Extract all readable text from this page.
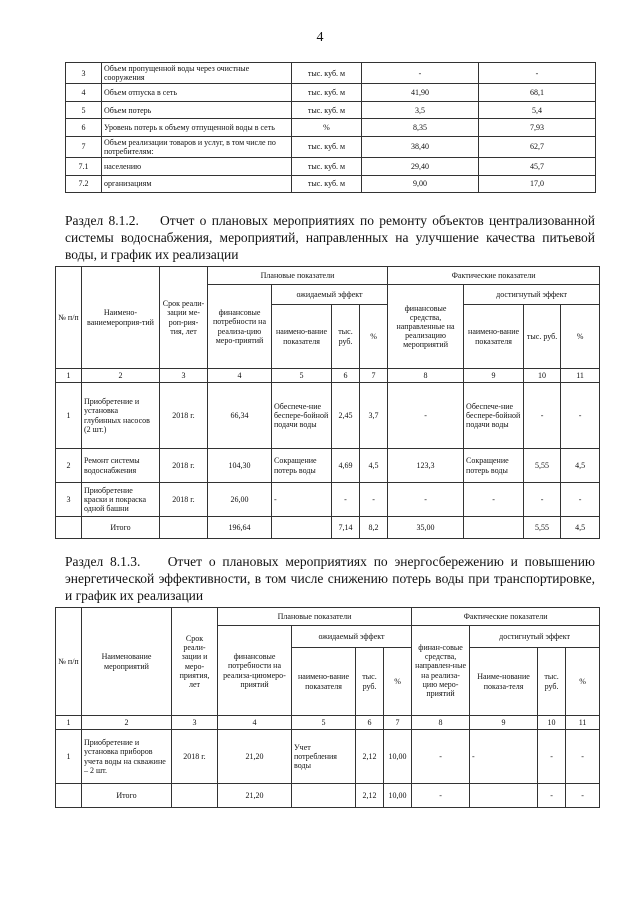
4
3	Объем пропущенной воды через очистные сооружения	тыс. куб. м	-	-
4	Объем отпуска в сеть	тыс. куб. м	41,90	68,1
5	Объем потерь	тыс. куб. м	3,5	5,4
6	Уровень потерь к объему отпущенной воды в сеть	%	8,35	7,93
7	Объем реализации товаров и услуг, в том числе по потребителям:	тыс. куб. м	38,40	62,7
7.1	населению	тыс. куб. м	29,40	45,7
7.2	организациям	тыс. куб. м	9,00	17,0
Раздел 8.1.2. Отчет о плановых мероприятиях по ремонту объектов централизованной системы водоснабжения, мероприятий, направленных на улучшение качества питьевой воды, и график их реализации
№ п/п	Наимено-ваниемероприя-тий	Срок реали-зации ме-роп-рия-тия, лет	Плановые показатели				Фактические показатели			
			финансовые потребности на реализа-цию меро-приятий	ожидаемый эффект			финансовые средства, направленные на реализацию мероприятий	достигнутый эффект		
				наимено-вание показателя	тыс. руб.	%		наимено-вание показателя	тыс. руб.	%
1	2	3	4	5	6	7	8	9	10	11
1	Приобретение и установка глубинных насосов (2 шт.)	2018 г.	66,34	Обеспече-ние беспере-бойной подачи воды	2,45	3,7	-	Обеспече-ние беспере-бойной подачи воды	-	-
2	Ремонт системы водоснабжения	2018 г.	104,30	Сокращение потерь воды	4,69	4,5	123,3	Сокращение потерь воды	5,55	4,5
3	Приобретение краски и покраска одной башни	2018 г.	26,00	-	-	-	-	-	-	-
	Итого		196,64		7,14	8,2	35,00		5,55	4,5
Раздел 8.1.3. Отчет о плановых мероприятиях по энергосбережению и повышению энергетической эффективности, в том числе снижению потерь воды при транспортировке, и график их реализации
№ п/п	Наименование мероприятий	Срок реали-зации и меро-приятия, лет	Плановые показатели				Фактические показатели			
			финансовые потребности на реализа-циюмеро-приятий	ожидаемый эффект			финан-совые средства, направлен-ные на реализа-цию меро-приятий	достигнутый эффект		
				наимено-вание показателя	тыс. руб.	%		Наиме-нование показа-теля	тыс. руб.	%
1	2	3	4	5	6	7	8	9	10	11
1	Приобретение и установка приборов учета воды на скважине – 2 шт.	2018 г.	21,20	Учет потребления воды	2,12	10,00	-	-	-	-
	Итого		21,20		2,12	10,00	-		-	-
